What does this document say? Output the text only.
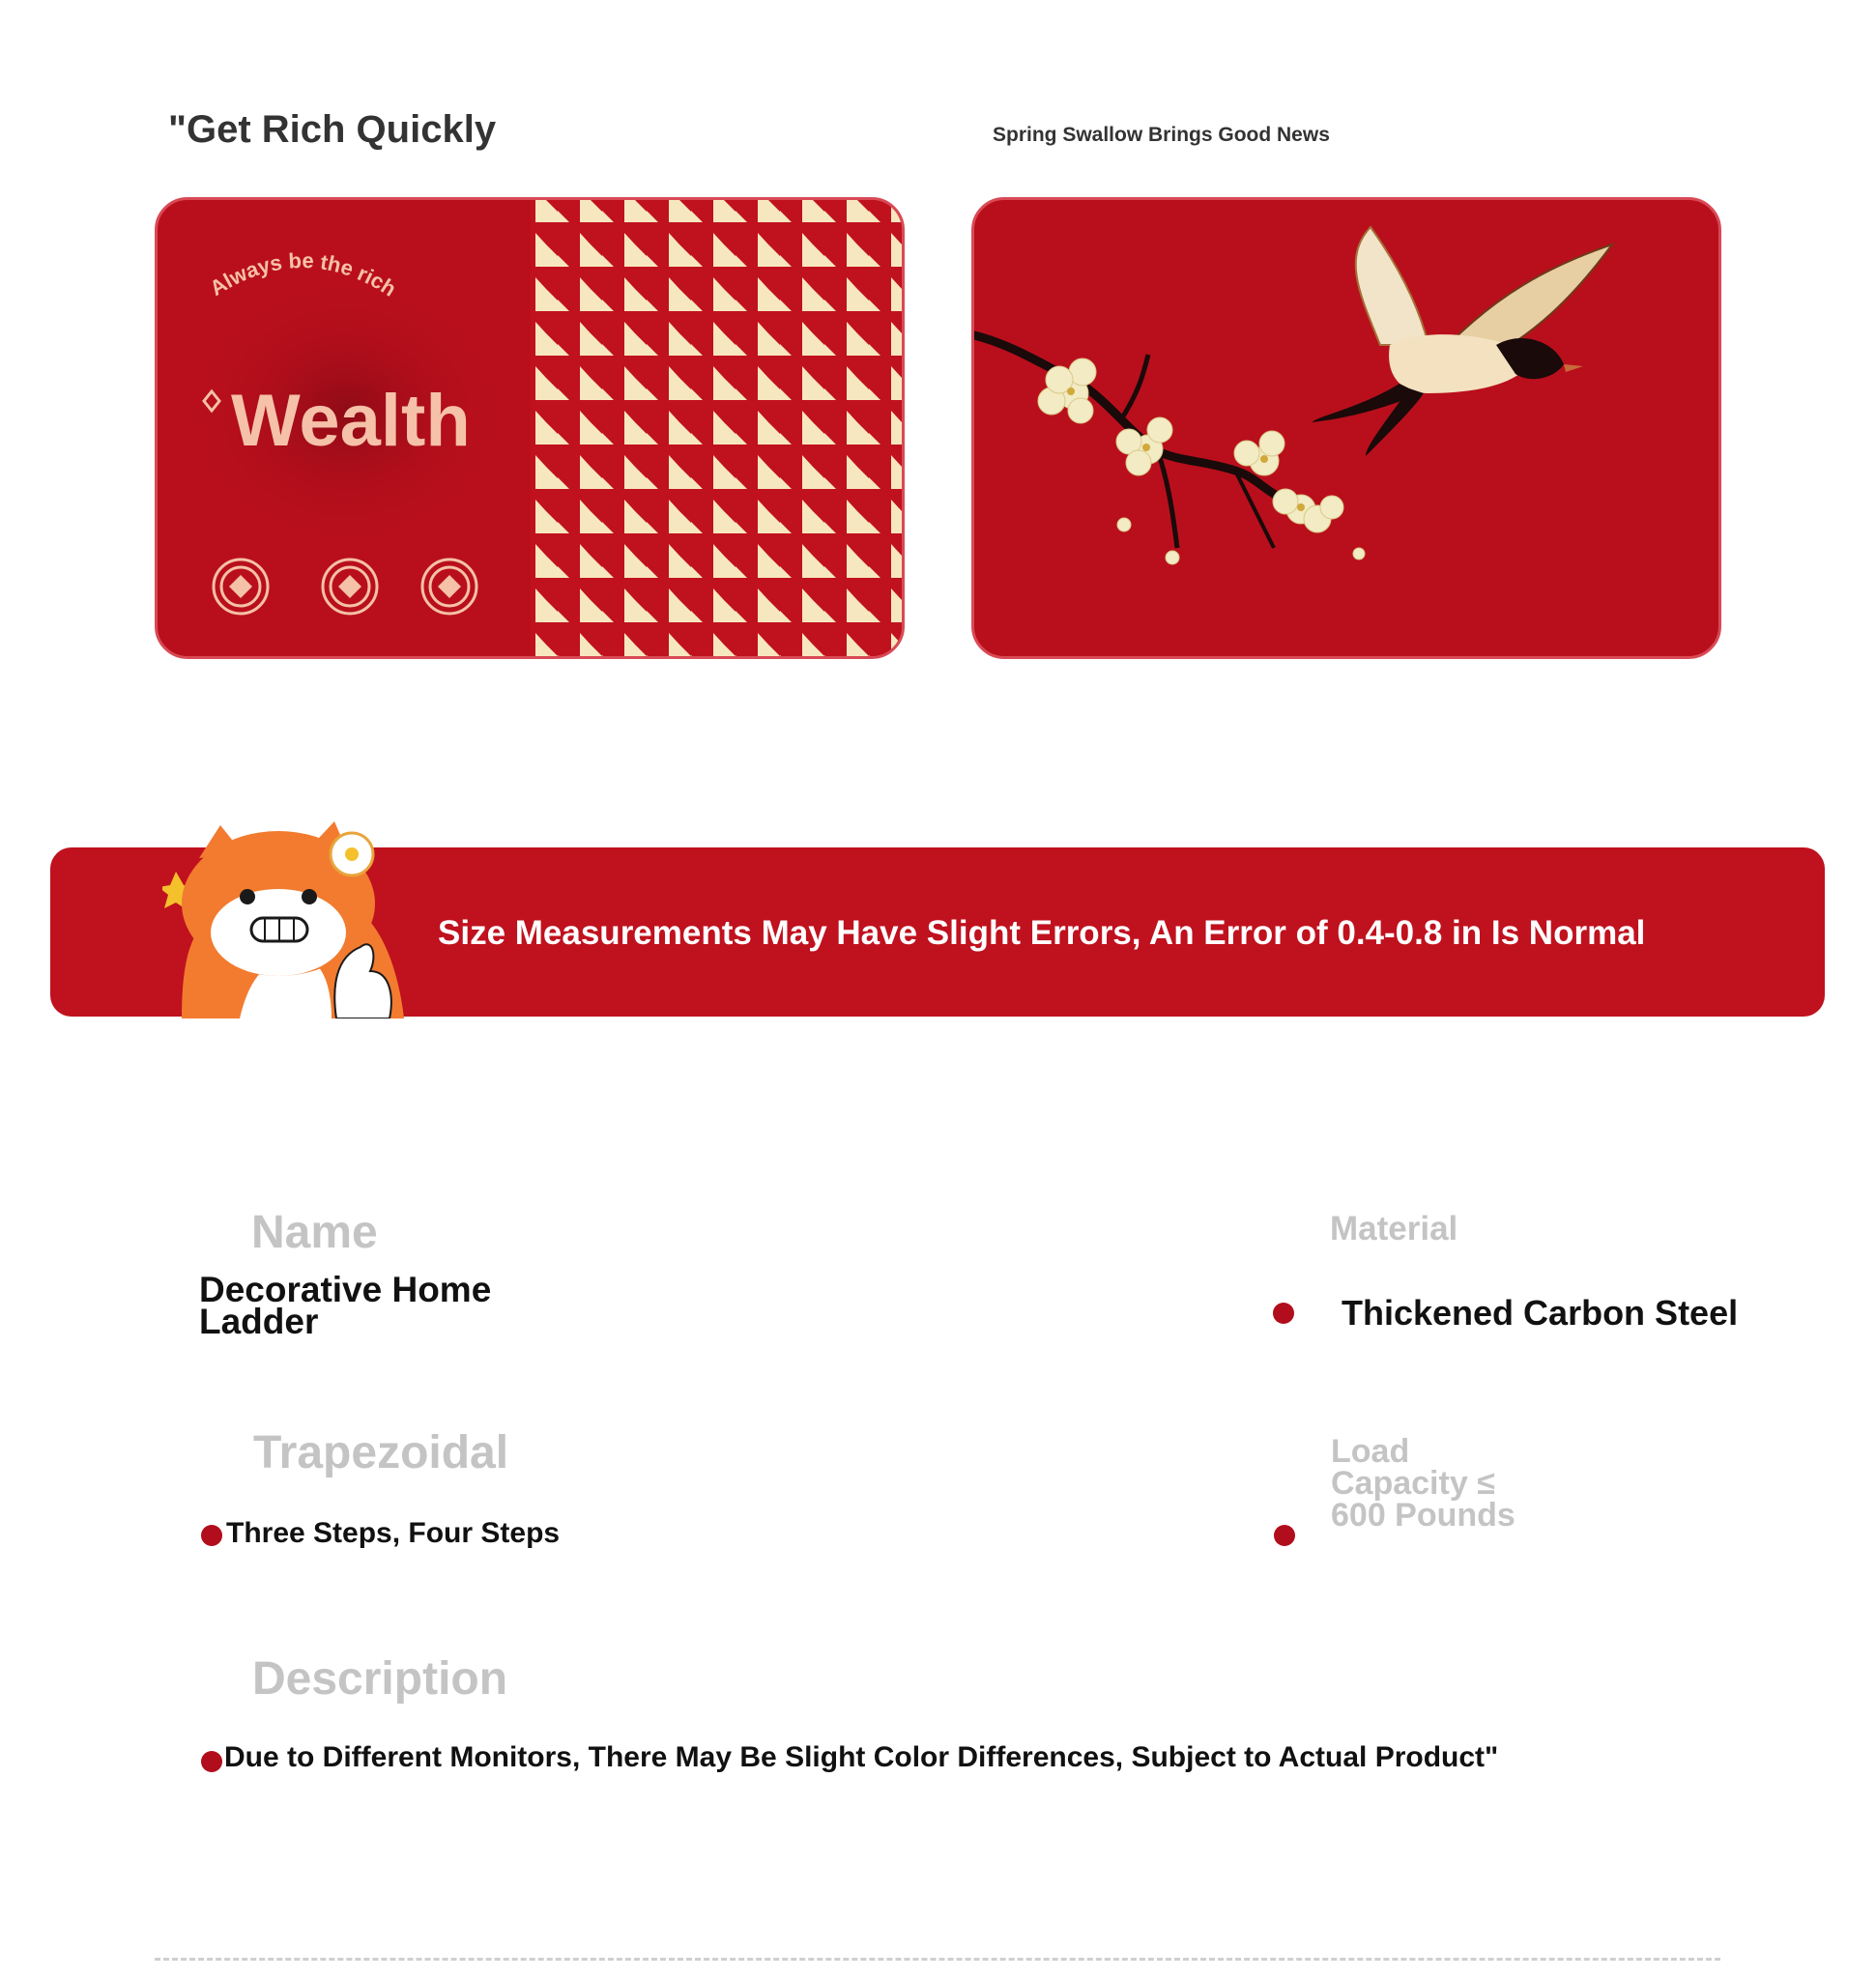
"Get Rich Quickly	Spring Swallow Brings Good News
Always be the rich
Wealth
Size Measurements May Have Slight Errors, An Error of 0.4-0.8 in Is Normal
Name
Decorative Home Ladder
Material
Thickened Carbon Steel
Trapezoidal
Three Steps, Four Steps
Load Capacity ≤ 600 Pounds
Description
Due to Different Monitors, There May Be Slight Color Differences, Subject to Actual Product"
